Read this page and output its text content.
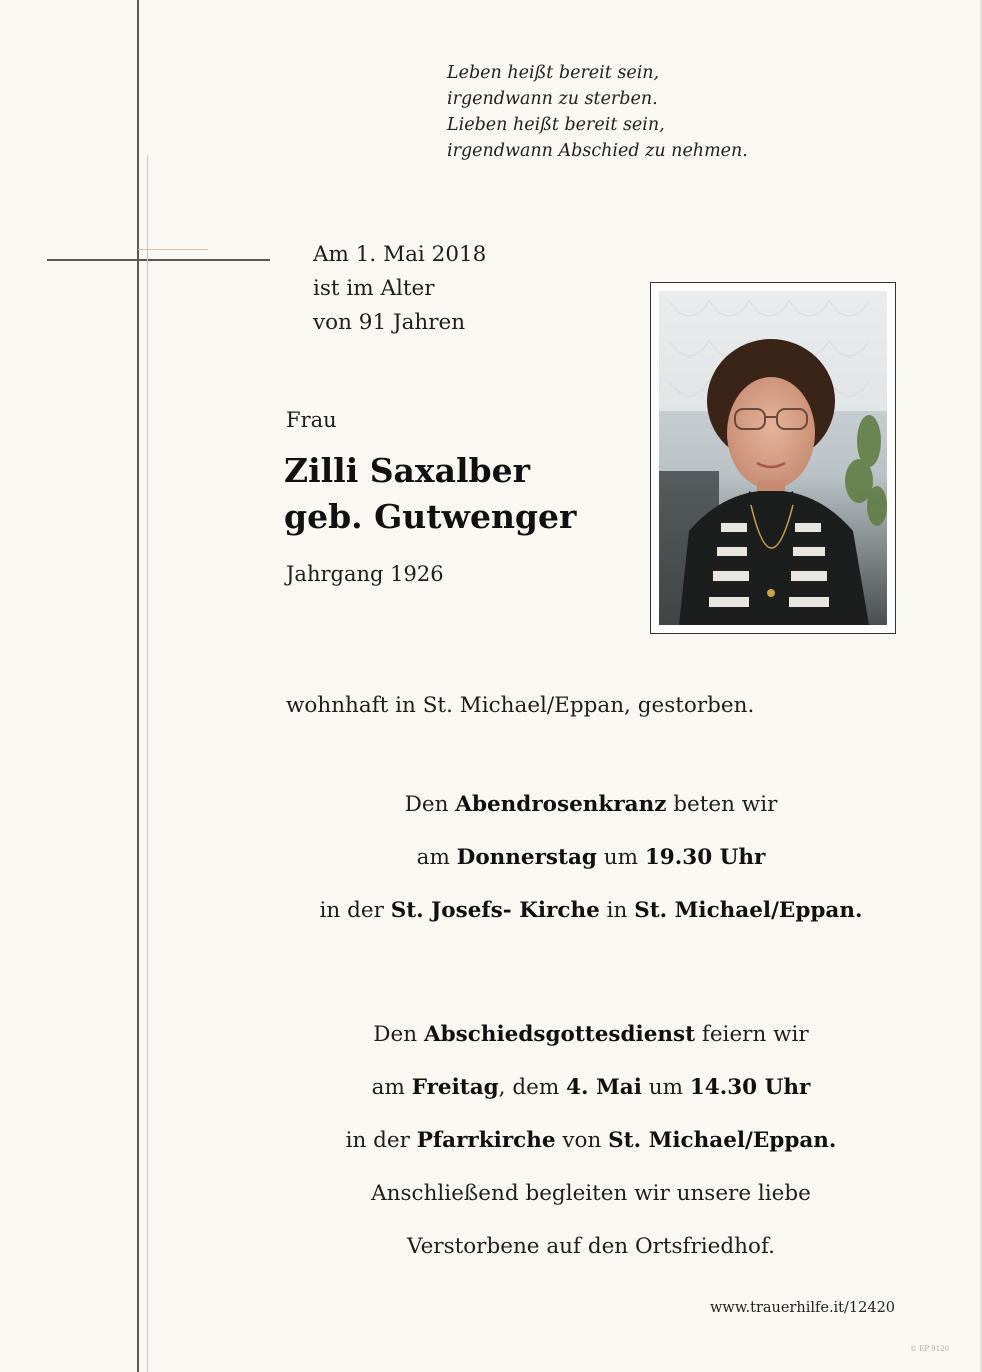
Leben heißt bereit sein,
irgendwann zu sterben.
Lieben heißt bereit sein,
irgendwann Abschied zu nehmen.
Am 1. Mai 2018
ist im Alter
von 91 Jahren
Frau
Zilli Saxalber
geb. Gutwenger
Jahrgang 1926
wohnhaft in St. Michael/Eppan, gestorben.
Den Abendrosenkranz beten wir
am Donnerstag um 19.30 Uhr
in der St. Josefs- Kirche in St. Michael/Eppan.
Den Abschiedsgottesdienst feiern wir
am Freitag, dem 4. Mai um 14.30 Uhr
in der Pfarrkirche von St. Michael/Eppan.
Anschließend begleiten wir unsere liebe
Verstorbene auf den Ortsfriedhof.
www.trauerhilfe.it/12420
© EP 9120
